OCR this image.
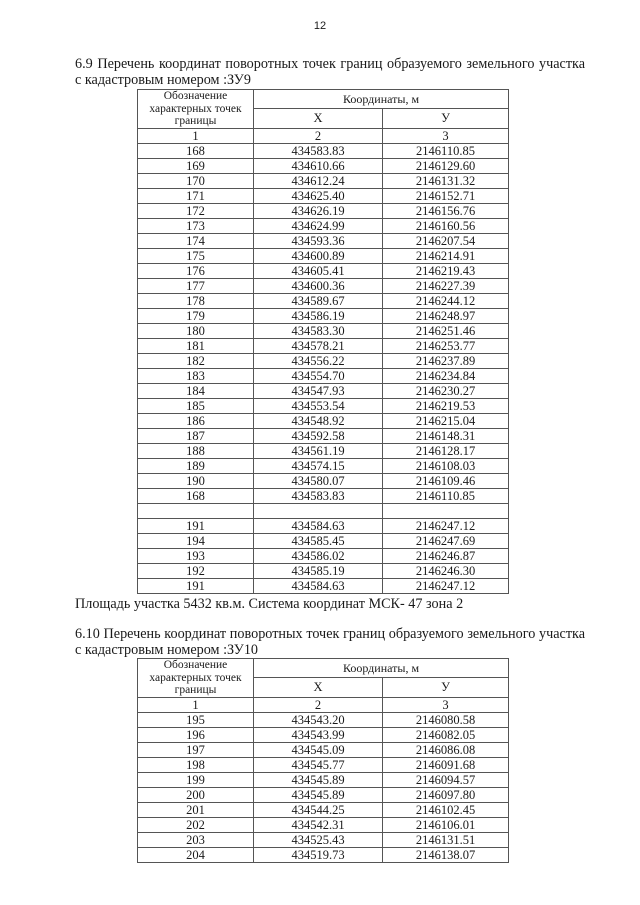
12
6.9 Перечень координат поворотных точек границ образуемого земельного участка с кадастровым номером :ЗУ9
Обозначение характерных точек границы	Координаты, м	
	Х	У
1	2	3
168	434583.83	2146110.85
169	434610.66	2146129.60
170	434612.24	2146131.32
171	434625.40	2146152.71
172	434626.19	2146156.76
173	434624.99	2146160.56
174	434593.36	2146207.54
175	434600.89	2146214.91
176	434605.41	2146219.43
177	434600.36	2146227.39
178	434589.67	2146244.12
179	434586.19	2146248.97
180	434583.30	2146251.46
181	434578.21	2146253.77
182	434556.22	2146237.89
183	434554.70	2146234.84
184	434547.93	2146230.27
185	434553.54	2146219.53
186	434548.92	2146215.04
187	434592.58	2146148.31
188	434561.19	2146128.17
189	434574.15	2146108.03
190	434580.07	2146109.46
168	434583.83	2146110.85

191	434584.63	2146247.12
194	434585.45	2146247.69
193	434586.02	2146246.87
192	434585.19	2146246.30
191	434584.63	2146247.12
Площадь участка 5432 кв.м. Система координат МСК- 47 зона 2
6.10 Перечень координат поворотных точек границ образуемого земельного участка с кадастровым номером :ЗУ10
Обозначение характерных точек границы	Координаты, м	
	Х	У
1	2	3
195	434543.20	2146080.58
196	434543.99	2146082.05
197	434545.09	2146086.08
198	434545.77	2146091.68
199	434545.89	2146094.57
200	434545.89	2146097.80
201	434544.25	2146102.45
202	434542.31	2146106.01
203	434525.43	2146131.51
204	434519.73	2146138.07
